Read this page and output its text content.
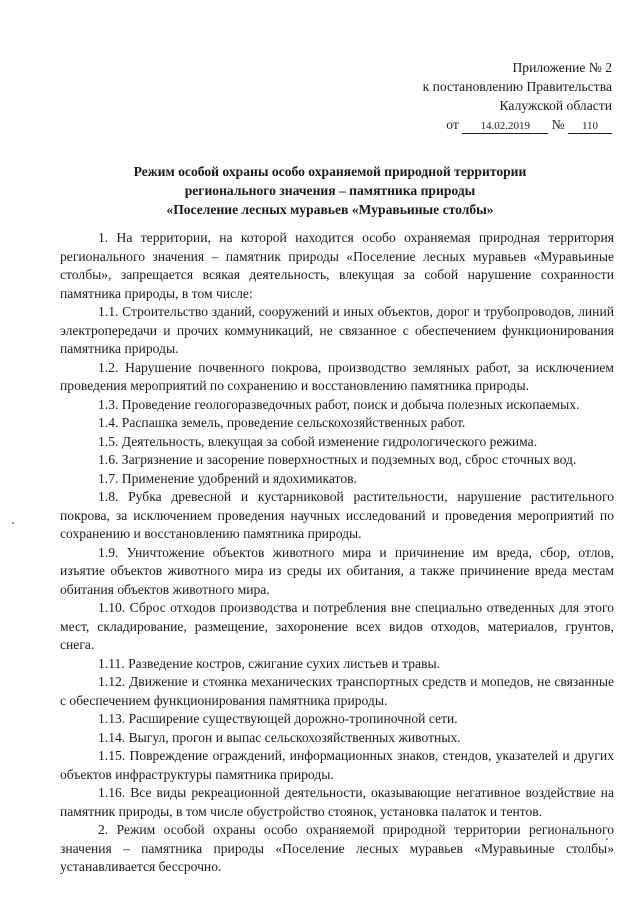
Приложение № 2
к постановлению Правительства
Калужской области
от 14.02.2019 № 110
Режим особой охраны особо охраняемой природной территории
регионального значения – памятника природы
«Поселение лесных муравьев «Муравьиные столбы»

1. На территории, на которой находится особо охраняемая природная территория регионального значения – памятник природы «Поселение лесных муравьев «Муравьиные столбы», запрещается всякая деятельность, влекущая за собой нарушение сохранности памятника природы, в том числе:

1.1. Строительство зданий, сооружений и иных объектов, дорог и трубопроводов, линий электропередачи и прочих коммуникаций, не связанное с обеспечением функционирования памятника природы.

1.2. Нарушение почвенного покрова, производство земляных работ, за исключением проведения мероприятий по сохранению и восстановлению памятника природы.

1.3. Проведение геологоразведочных работ, поиск и добыча полезных ископаемых.

1.4. Распашка земель, проведение сельскохозяйственных работ.

1.5. Деятельность, влекущая за собой изменение гидрологического режима.

1.6. Загрязнение и засорение поверхностных и подземных вод, сброс сточных вод.

1.7. Применение удобрений и ядохимикатов.

1.8. Рубка древесной и кустарниковой растительности, нарушение растительного покрова, за исключением проведения научных исследований и проведения мероприятий по сохранению и восстановлению памятника природы.

1.9. Уничтожение объектов животного мира и причинение им вреда, сбор, отлов, изъятие объектов животного мира из среды их обитания, а также причинение вреда местам обитания объектов животного мира.

1.10. Сброс отходов производства и потребления вне специально отведенных для этого мест, складирование, размещение, захоронение всех видов отходов, материалов, грунтов, снега.

1.11. Разведение костров, сжигание сухих листьев и травы.

1.12. Движение и стоянка механических транспортных средств и мопедов, не связанные с обеспечением функционирования памятника природы.

1.13. Расширение существующей дорожно-тропиночной сети.

1.14. Выгул, прогон и выпас сельскохозяйственных животных.

1.15. Повреждение ограждений, информационных знаков, стендов, указателей и других объектов инфраструктуры памятника природы.

1.16. Все виды рекреационной деятельности, оказывающие негативное воздействие на памятник природы, в том числе обустройство стоянок, установка палаток и тентов.

2. Режим особой охраны особо охраняемой природной территории регионального значения – памятника природы «Поселение лесных муравьев «Муравьиные столбы» устанавливается бессрочно.
